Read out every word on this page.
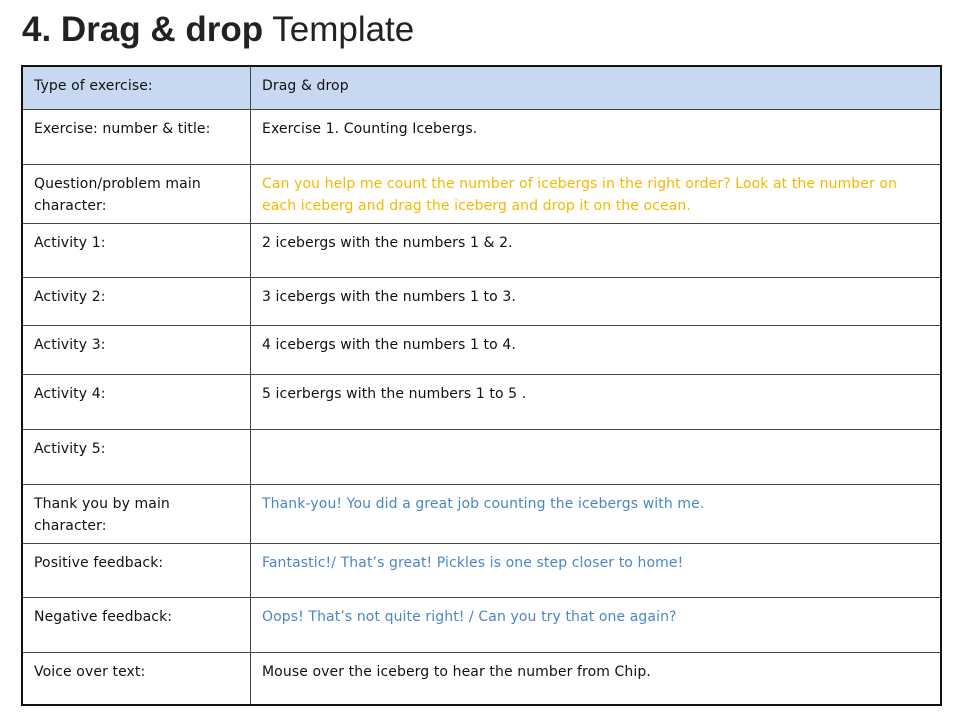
4. Drag & drop Template
Type of exercise:	Drag & drop
Exercise: number & title:	Exercise 1. Counting Icebergs.
Question/problem main character:	Can you help me count the number of icebergs in the right order? Look at the number on each iceberg and drag the iceberg and drop it on the ocean.
Activity 1:	2 icebergs with the numbers 1 & 2.
Activity 2:	3 icebergs with the numbers 1 to 3.
Activity 3:	4 icebergs with the numbers 1 to 4.
Activity 4:	5 icerbergs with the numbers 1 to 5 .
Activity 5:	
Thank you by main character:	Thank-you! You did a great job counting the icebergs with me.
Positive feedback:	Fantastic!/ That’s great! Pickles is one step closer to home!
Negative feedback:	Oops! That’s not quite right! / Can you try that one again?
Voice over text:	Mouse over the iceberg to hear the number from Chip.
